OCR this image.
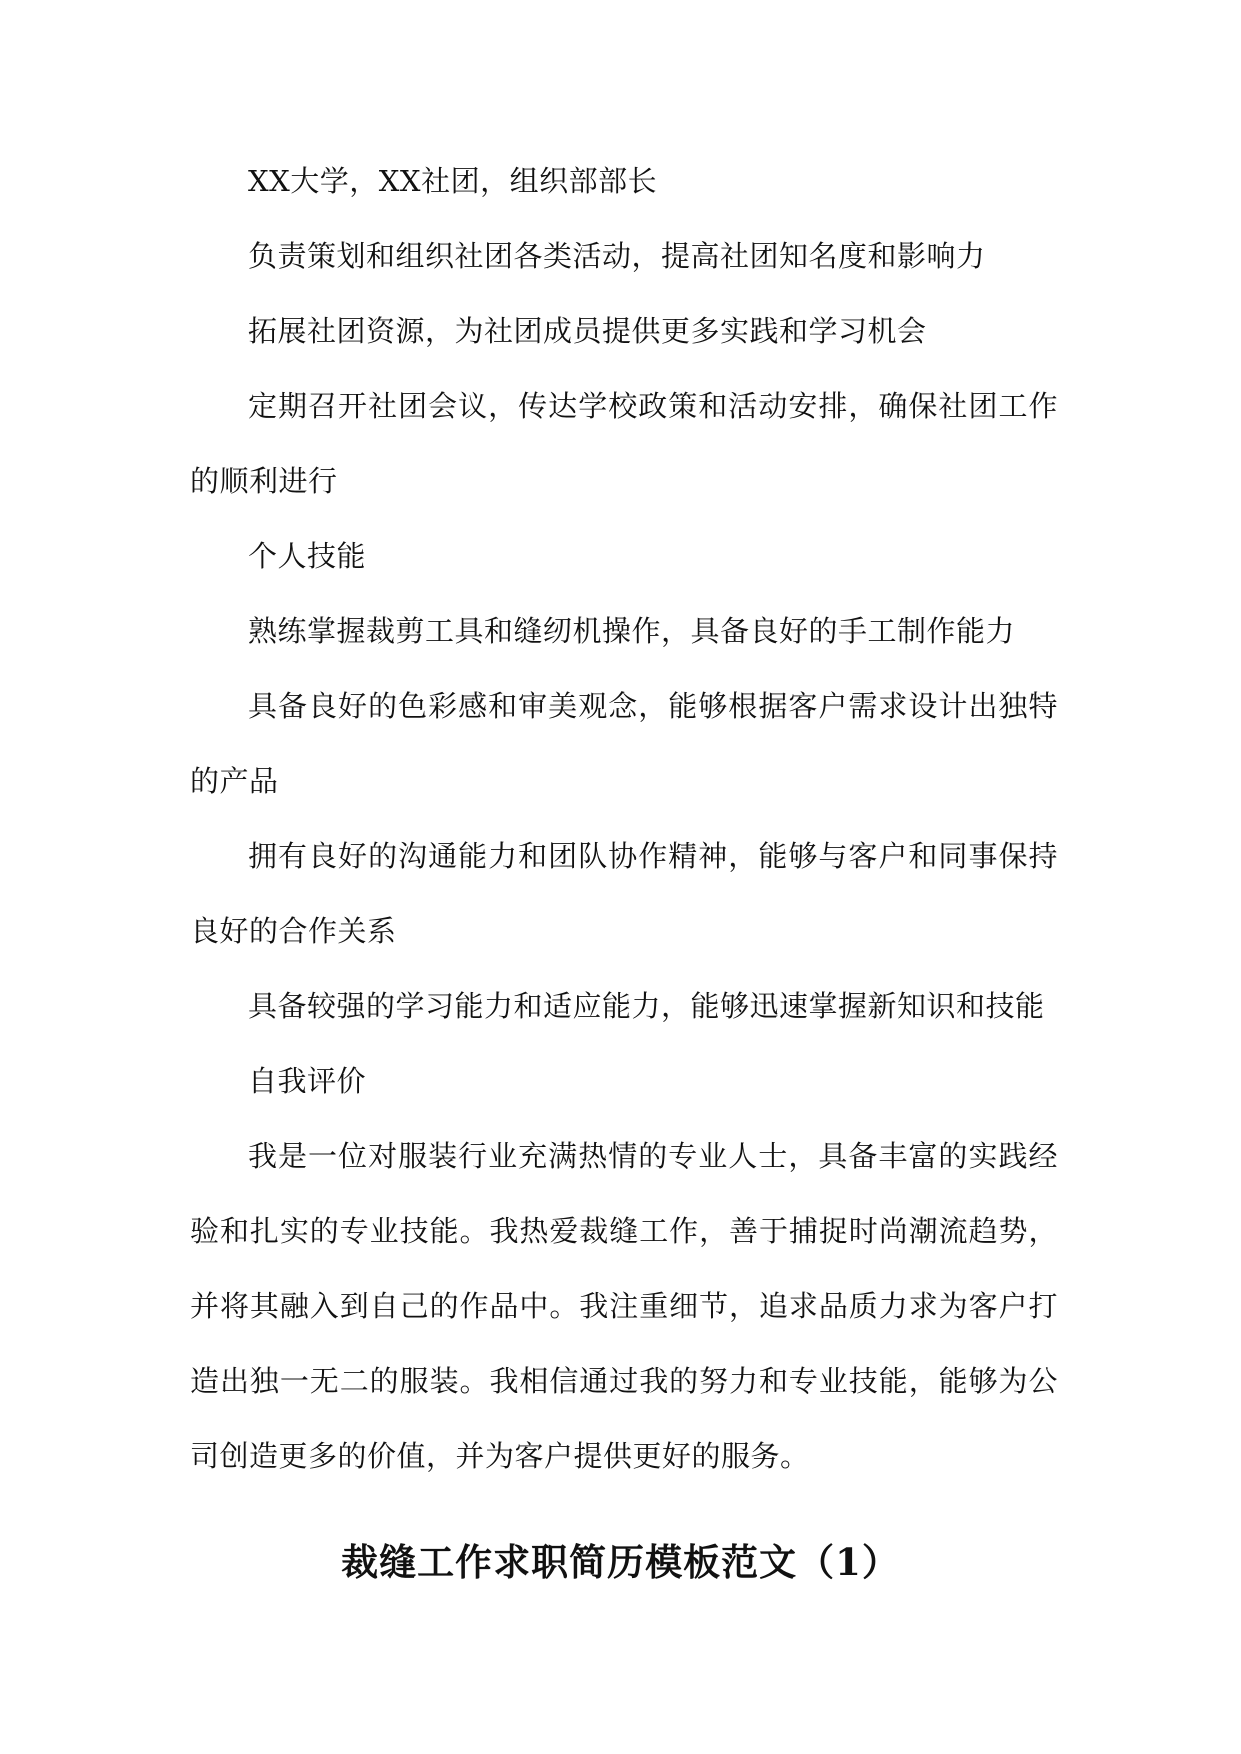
XX大学，XX社团，组织部部长

负责策划和组织社团各类活动，提高社团知名度和影响力

拓展社团资源，为社团成员提供更多实践和学习机会

定期召开社团会议，传达学校政策和活动安排，确保社团工作的顺利进行

个人技能

熟练掌握裁剪工具和缝纫机操作，具备良好的手工制作能力

具备良好的色彩感和审美观念，能够根据客户需求设计出独特的产品

拥有良好的沟通能力和团队协作精神，能够与客户和同事保持良好的合作关系

具备较强的学习能力和适应能力，能够迅速掌握新知识和技能

自我评价

我是一位对服装行业充满热情的专业人士，具备丰富的实践经验和扎实的专业技能。我热爱裁缝工作，善于捕捉时尚潮流趋势，并将其融入到自己的作品中。我注重细节，追求品质力求为客户打造出独一无二的服装。我相信通过我的努力和专业技能，能够为公司创造更多的价值，并为客户提供更好的服务。

裁缝工作求职简历模板范文（1）
